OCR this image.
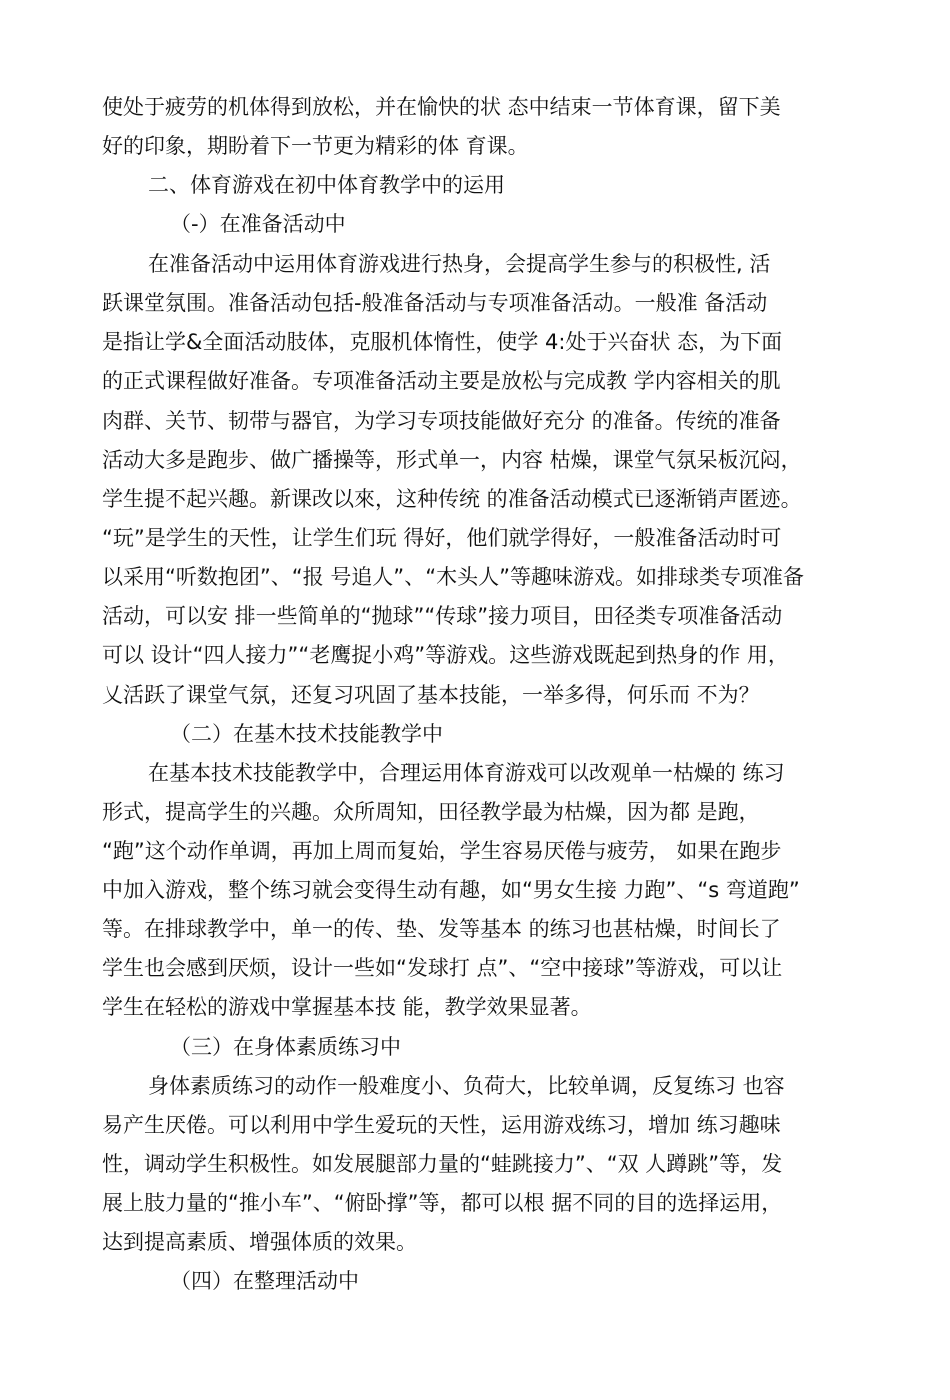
使处于疲劳的机体得到放松，并在愉快的状 态中结束一节体育课，留下美
好的印象，期盼着下一节更为精彩的体 育课。
二、体育游戏在初中体育教学中的运用
（-）在准备活动中
在准备活动中运用体育游戏进行热身，会提高学生参与的积极性, 活
跃课堂氛围。准备活动包括-般准备活动与专项准备活动。一般准 备活动
是指让学&全面活动肢体，克服机体惰性，使学 4:处于兴奋状 态，为下面
的正式课程做好准备。专项准备活动主要是放松与完成教 学内容相关的肌
肉群、关节、韧带与器官，为学习专项技能做好充分 的准备。传统的准备
活动大多是跑步、做广播操等，形式单一，内容 枯燥，课堂气氛呆板沉闷，
学生提不起兴趣。新课改以來，这种传统 的准备活动模式已逐渐销声匿迹。
“玩”是学生的天性，让学生们玩 得好，他们就学得好，一般准备活动时可
以采用“听数抱团”、“报 号追人”、“木头人”等趣味游戏。如排球类专项准备
活动，可以安 排一些简单的“抛球”“传球”接力项目，田径类专项准备活动
可以 设计“四人接力”“老鹰捉小鸡”等游戏。这些游戏既起到热身的作 用，
乂活跃了课堂气氛，还复习巩固了基本技能，一举多得，何乐而 不为？
（二）在基木技术技能教学中
在基本技术技能教学中，合理运用体育游戏可以改观单一枯燥的 练习
形式，提高学生的兴趣。众所周知，田径教学最为枯燥，因为都 是跑，
“跑”这个动作单调，再加上周而复始，学生容易厌倦与疲劳， 如果在跑步
中加入游戏，整个练习就会变得生动有趣，如“男女生接 力跑”、“s 弯道跑”
等。在排球教学中，单一的传、垫、发等基本 的练习也甚枯燥，时间长了
学生也会感到厌烦，设计一些如“发球打 点”、“空中接球”等游戏，可以让
学生在轻松的游戏中掌握基本技 能，教学效果显著。
（三）在身体素质练习中
身体素质练习的动作一般难度小、负荷大，比较单调，反复练习 也容
易产生厌倦。可以利用中学生爱玩的天性，运用游戏练习，增加 练习趣味
性，调动学生积极性。如发展腿部力量的“蛙跳接力”、“双 人蹲跳”等，发
展上肢力量的“推小车”、“俯卧撑”等，都可以根 据不同的目的选择运用，
达到提高素质、增强体质的效果。
（四）在整理活动中
